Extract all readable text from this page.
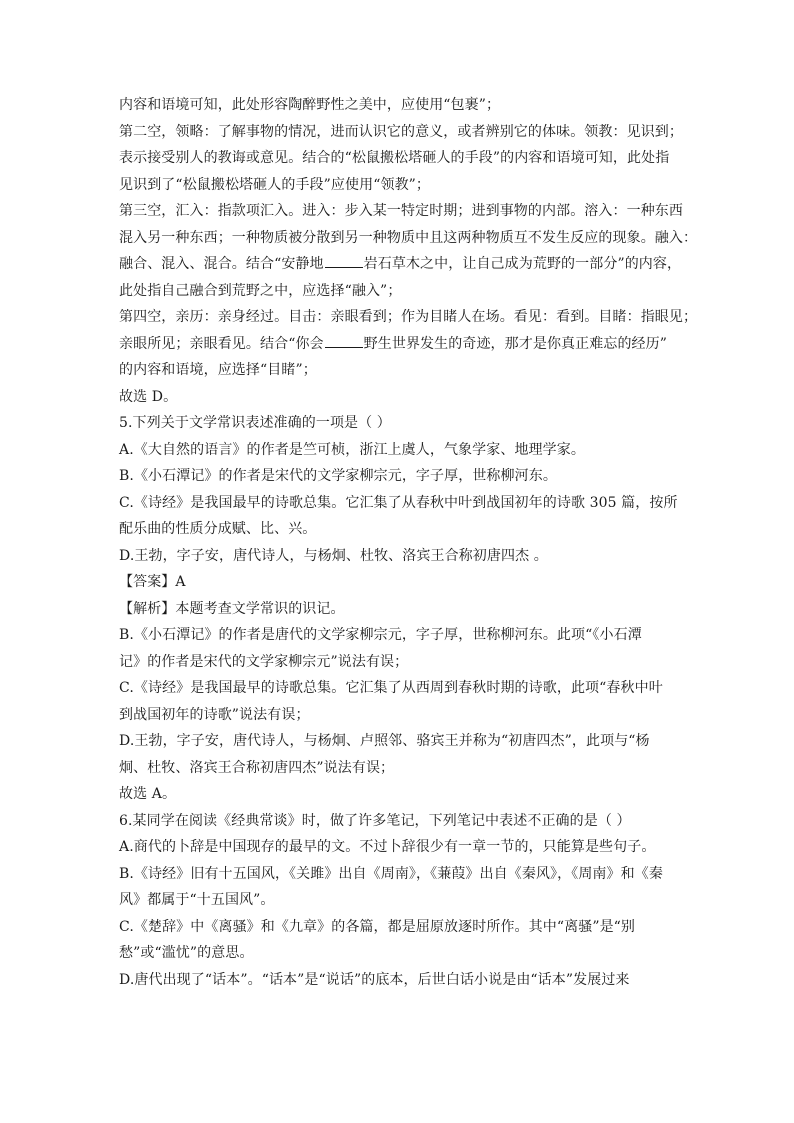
内容和语境可知，此处形容陶醉野性之美中，应使用“包裹”；
第二空，领略：了解事物的情况，进而认识它的意义，或者辨别它的体味。领教：见识到；
表示接受别人的教诲或意见。结合的“松鼠搬松塔砸人的手段”的内容和语境可知，此处指
见识到了“松鼠搬松塔砸人的手段”应使用“领教”；
第三空，汇入：指款项汇入。进入：步入某一特定时期；进到事物的内部。溶入：一种东西
混入另一种东西；一种物质被分散到另一种物质中且这两种物质互不发生反应的现象。融入：
融合、混入、混合。结合“安静地	岩石草木之中，让自己成为荒野的一部分”的内容，
此处指自己融合到荒野之中，应选择“融入”；
第四空，亲历：亲身经过。目击：亲眼看到；作为目睹人在场。看见：看到。目睹：指眼见；
亲眼所见；亲眼看见。结合“你会	野生世界发生的奇迹，那才是你真正难忘的经历”
的内容和语境，应选择“目睹”；
故选 D。
5.下列关于文学常识表述准确的一项是（ ）
A.《大自然的语言》的作者是竺可桢，浙江上虞人，气象学家、地理学家。
B.《小石潭记》的作者是宋代的文学家柳宗元，字子厚，世称柳河东。
C.《诗经》是我国最早的诗歌总集。它汇集了从春秋中叶到战国初年的诗歌 305 篇，按所
配乐曲的性质分成赋、比、兴。
D.王勃，字子安，唐代诗人，与杨炯、杜牧、洛宾王合称初唐四杰 。
【答案】A
【解析】本题考查文学常识的识记。
B.《小石潭记》的作者是唐代的文学家柳宗元，字子厚，世称柳河东。此项“《小石潭
记》的作者是宋代的文学家柳宗元”说法有误；
C.《诗经》是我国最早的诗歌总集。它汇集了从西周到春秋时期的诗歌，此项“春秋中叶
到战国初年的诗歌”说法有误；
D.王勃，字子安，唐代诗人，与杨炯、卢照邻、骆宾王并称为“初唐四杰”，此项与“杨
炯、杜牧、洛宾王合称初唐四杰”说法有误；
故选 A。
6.某同学在阅读《经典常谈》时，做了许多笔记，下列笔记中表述不正确的是（ ）
A.商代的卜辞是中国现存的最早的文。不过卜辞很少有一章一节的，只能算是些句子。
B.《诗经》旧有十五国风，《关雎》出自《周南》，《蒹葭》出自《秦风》，《周南》和《秦
风》都属于“十五国风”。
C.《楚辞》中《离骚》和《九章》的各篇，都是屈原放逐时所作。其中“离骚”是“别
愁”或“滥忧”的意思。
D.唐代出现了“话本”。“话本”是“说话”的底本，后世白话小说是由“话本”发展过来
